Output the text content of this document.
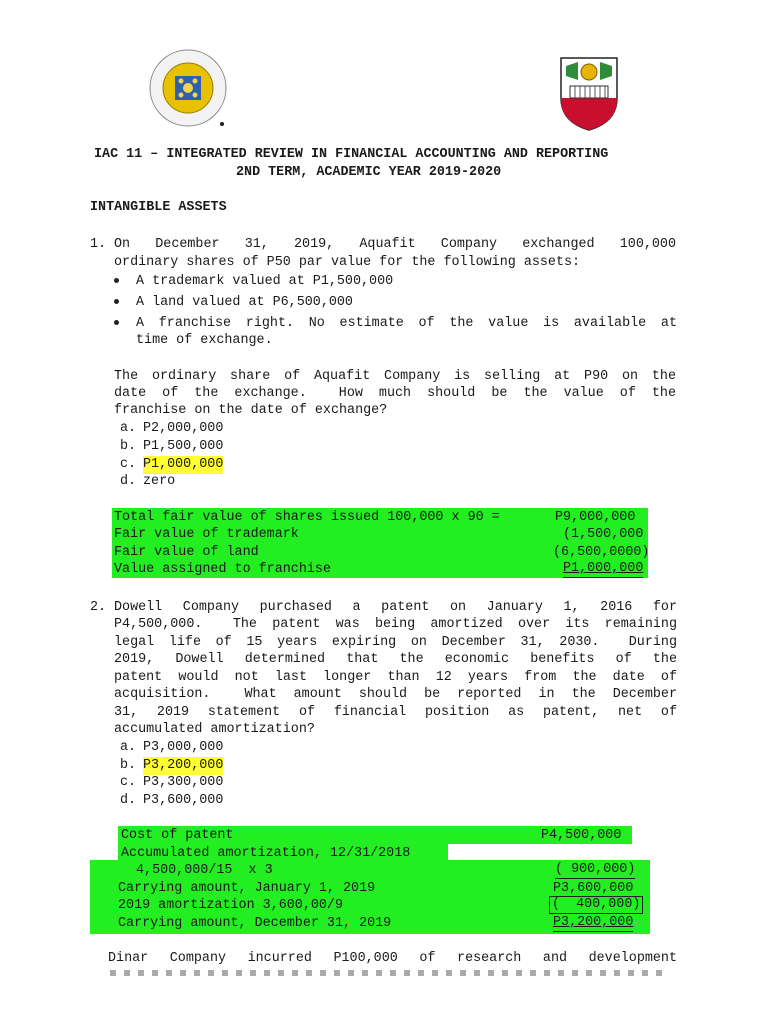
IAC 11 – INTEGRATED REVIEW IN FINANCIAL ACCOUNTING AND REPORTING
2ND TERM, ACADEMIC YEAR 2019-2020
INTANGIBLE ASSETS
1. On December 31, 2019, Aquafit Company exchanged 100,000
ordinary shares of P50 par value for the following assets:
A trademark valued at P1,500,000
A land valued at P6,500,000
A franchise right. No estimate of the value is available at
time of exchange.
The ordinary share of Aquafit Company is selling at P90 on the
date of the exchange.  How much should be the value of the
franchise on the date of exchange?
a. P2,000,000
b. P1,500,000
c. P1,000,000
d. zero
Total fair value of shares issued 100,000 x 90 =	P9,000,000
Fair value of trademark	(1,500,000
Fair value of land	(6,500,0000)
Value assigned to franchise	P1,000,000
2. Dowell Company purchased a patent on January 1, 2016 for
P4,500,000.  The patent was being amortized over its remaining
legal life of 15 years expiring on December 31, 2030.  During
2019, Dowell determined that the economic benefits of the
patent would not last longer than 12 years from the date of
acquisition.  What amount should be reported in the December
31, 2019 statement of financial position as patent, net of
accumulated amortization?
a. P3,000,000
b. P3,200,000
c. P3,300,000
d. P3,600,000
Cost of patent	P4,500,000
Accumulated amortization, 12/31/2018
4,500,000/15  x 3	( 900,000)
Carrying amount, January 1, 2019	P3,600,000
2019 amortization 3,600,00/9	(  400,000)
Carrying amount, December 31, 2019	P3,200,000
Dinar Company incurred P100,000 of research and development
